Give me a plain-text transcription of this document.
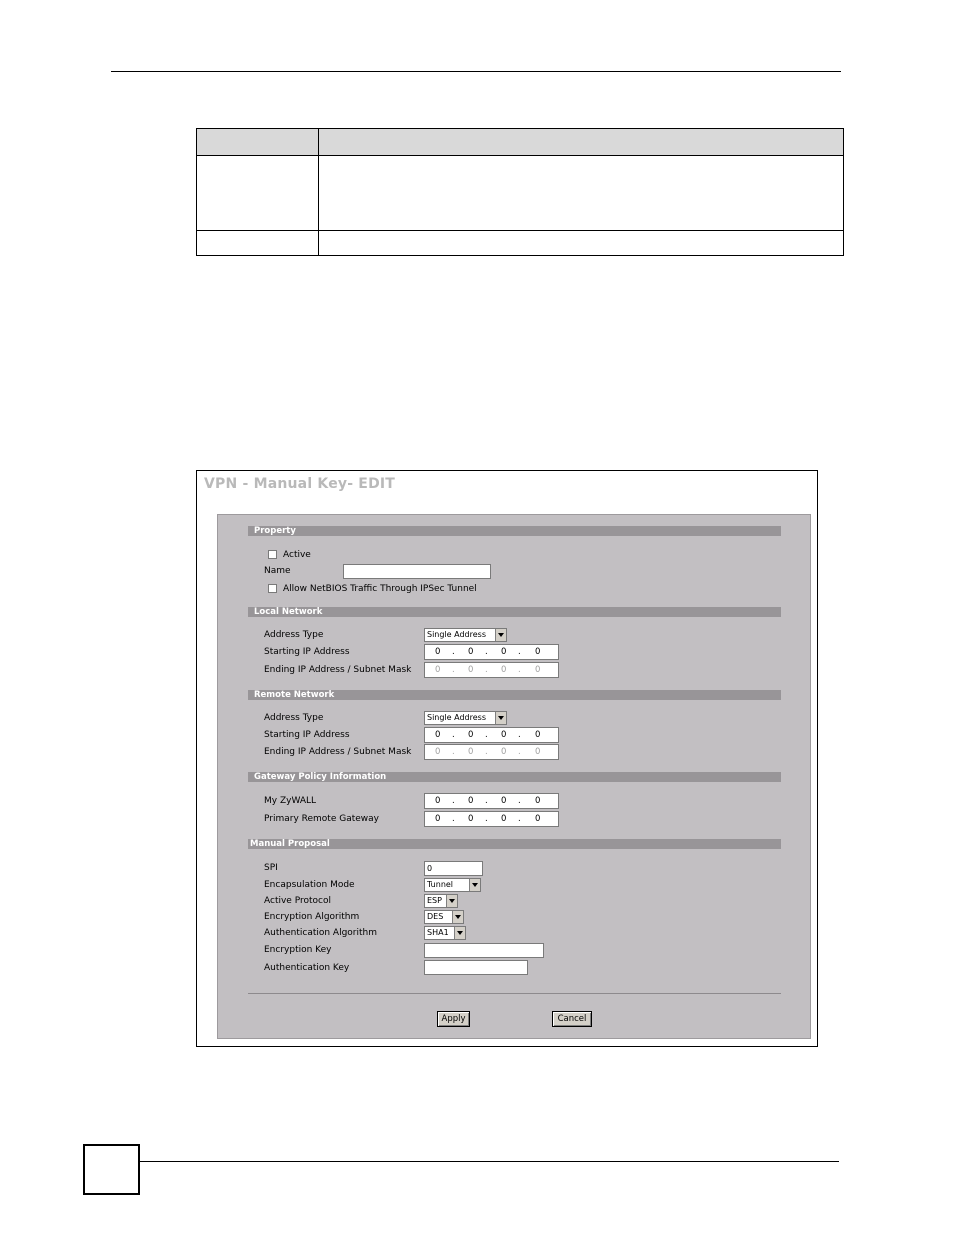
VPN - Manual Key- EDIT
Property
Active
Name
Allow NetBIOS Traffic Through IPSec Tunnel
Local Network
Address Type	Single Address
Starting IP Address	0	0	0	0
.	.	.
Ending IP Address / Subnet Mask	0	0	0	0
.	.	.
Remote Network
Address Type	Single Address
Starting IP Address	0	0	0	0
.	.	.
Ending IP Address / Subnet Mask	0	0	0	0
.	.	.
Gateway Policy Information
My ZyWALL	0	0	0	0
.	.	.
Primary Remote Gateway	0	0	0	0
.	.	.
Manual Proposal
SPI	0
Encapsulation Mode	Tunnel
Active Protocol	ESP
Encryption Algorithm	DES
Authentication Algorithm	SHA1
Encryption Key
Authentication Key
Apply	Cancel
